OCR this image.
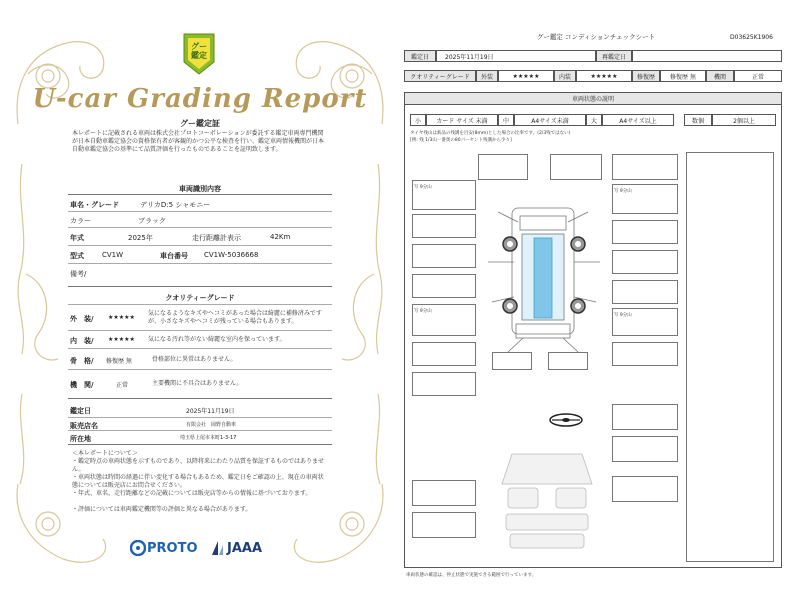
グー
鑑定
U-car Grading Report
グー鑑定証
本レポートに記載される車両は株式会社プロトコーポレーションが委託する鑑定車両専門機関が日本自動車鑑定協会の資格保有者が客観的かつ公平な検査を行い、鑑定車両情報機関が日本自動車鑑定協会の基準にて品質評価を行ったものであることを証明致します。
車両識別内容
車名・グレード	デリカD:5 シャモニー
カラー	ブラック
年式	2025年	走行距離計表示	42Km
型式	CV1W	車台番号 CV1W-5036668
備考/
クオリティーグレード
外　装/ ★★★★★
気になるようなキズやヘコミがあった場合は綺麗に補修済みですが、小さなキズやヘコミが残っている場合もあります。
内　装/ ★★★★★ 気になる汚れ等がない綺麗な室内を保っています。
骨　格/ 修復歴 無	骨格部位に異常はありません。
機　関/	正常	主要機関に不具合はありません。
鑑定日	2025年11月19日
販売店名	有限会社　岡野自動車
所在地	埼玉県上尾市本町1-3-17
＜本レポートについて＞
・鑑定時点の車両状態を示すものであり、以降将来にわたり品質を保証するものではありません。
・車両状態は時間の経過に伴い変化する場合もあるため、鑑定日をご確認の上、現在の車両状態については販売店にお問合せください。
・年式、車名、走行距離などの記載については販売店等からの情報に基づいております。
・評価については車両鑑定機関等の評価と異なる場合があります。
PROTO JAAA
グー鑑定 コンディションチェックシート	D03625K1906
鑑定日	2025年11月19日	再鑑定日
クオリティーグレード	外装	★★★★★	内装	★★★★★	修復歴	修復歴 無	機関	正常
車両状態の説明
小	カード サイズ 未満	中	A4サイズ未満	大	A4サイズ以上	数個	2個以上
タイヤ残山は新品の残溝を目安(8mm)とした場合の比率です。(2/3残ではない)
[例: 残 1/3山一番奥の80パーセント残溝から少々]
写 9分山
写 9分山
写 9分山
写 9分山
車両状態の確認は、停止状態で実施できる範囲で行っています。
